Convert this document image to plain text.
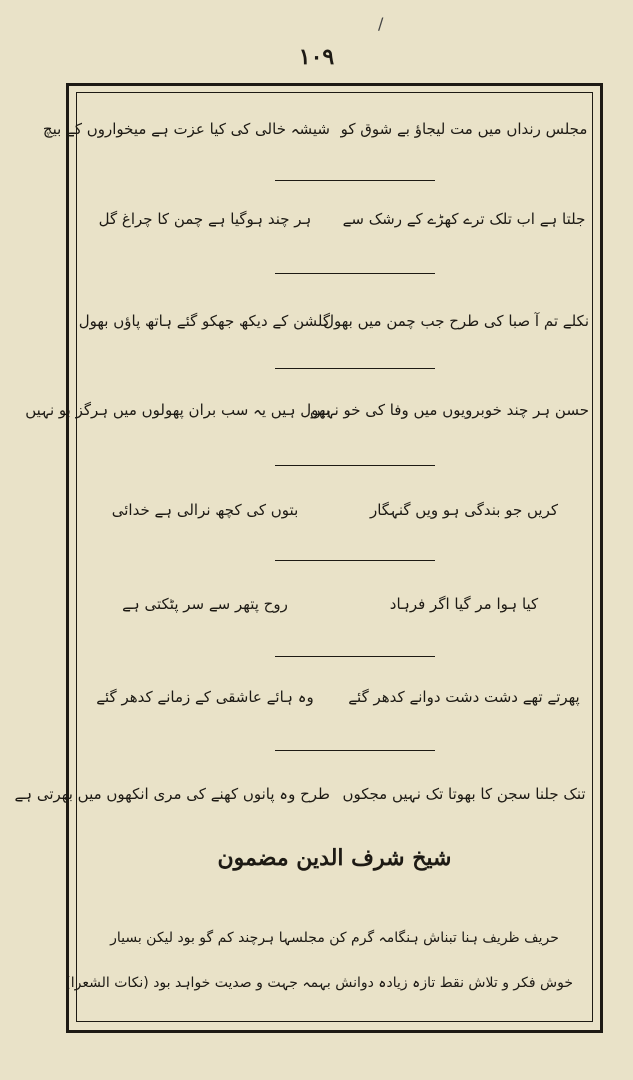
/
١٠٩
مجلس رنداں میں مت لیجاؤ بے شوق کو
شیشہ خالی کی کیا عزت ہے میخواروں کے بیچ
جلتا ہے اب تلک ترے کھڑے کے رشک سے
ہر چند ہوگیا ہے چمن کا چراغ گل
نکلے تم آ صبا کی طرح جب چمن میں بھول
گلشن کے دیکھ جھکو گئے ہاتھ پاؤں بھول
حسن ہر چند خوبرویوں میں وفا کی خو نہیں
بھول ہیں یہ سب بران پھولوں میں ہرگز بو نہیں
کریں جو بندگی ہو ویں گنہگار
بتوں کی کچھ نرالی ہے خدائی
کیا ہوا مر گیا اگر فرہاد
روح پتھر سے سر پٹکتی ہے
پھرتے تھے دشت دشت دوانے کدھر گئے
وہ ہائے عاشقی کے زمانے کدھر گئے
تنک جلنا سجن کا بھوتا تک نہیں مجکوں
طرح وہ پانوں کھنے کی مری انکھوں میں بھرتی ہے
شیخ شرف الدین مضمون
حریف ظریف ہنا تبناش ہنگامہ گرم کن مجلسہا ہرچند کم گو بود لیکن بسیار
خوش فکر و تلاش نقط تازہ زیادہ دوانش بہمہ جہت و صدیت خواہد بود (نکات الشعرا)
